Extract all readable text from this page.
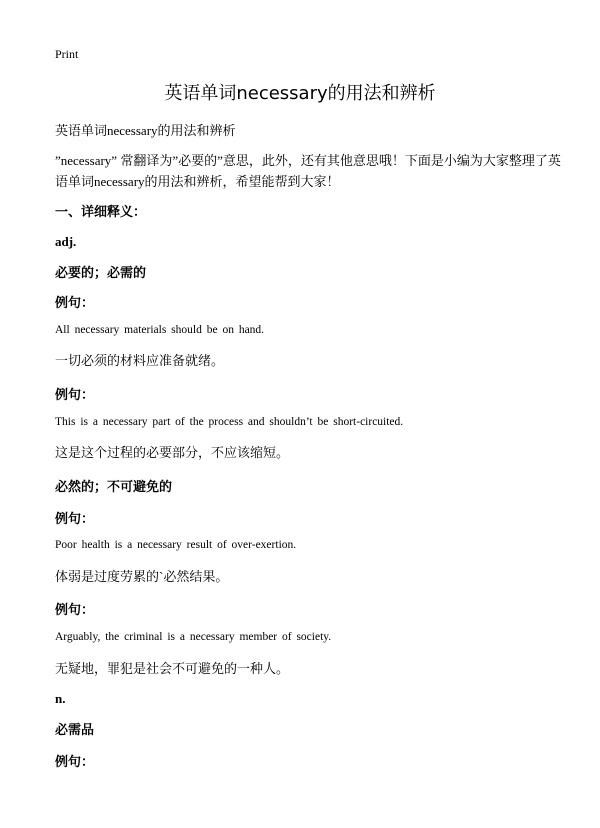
Print
英语单词necessary的用法和辨析
英语单词necessary的用法和辨析
”necessary” 常翻译为”必要的”意思，此外，还有其他意思哦！下面是小编为大家整理了英语单词necessary的用法和辨析，希望能帮到大家！
一、详细释义：
adj.
必要的；必需的
例句：
All necessary materials should be on hand.
一切必须的材料应准备就绪。
例句：
This is a necessary part of the process and shouldn’t be short-circuited.
这是这个过程的必要部分，不应该缩短。
必然的；不可避免的
例句：
Poor health is a necessary result of over-exertion.
体弱是过度劳累的`必然结果。
例句：
Arguably, the criminal is a necessary member of society.
无疑地，罪犯是社会不可避免的一种人。
n.
必需品
例句：
